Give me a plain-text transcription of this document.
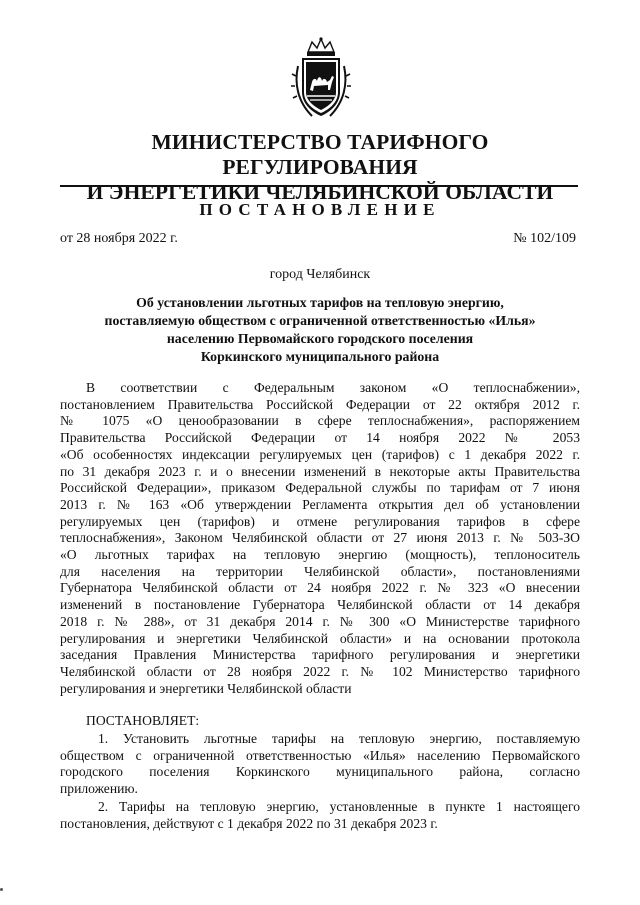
МИНИСТЕРСТВО ТАРИФНОГО РЕГУЛИРОВАНИЯ
И ЭНЕРГЕТИКИ ЧЕЛЯБИНСКОЙ ОБЛАСТИ
ПОСТАНОВЛЕНИЕ
от 28 ноября 2022 г.	№ 102/109
город Челябинск
Об установлении льготных тарифов на тепловую энергию,
поставляемую обществом с ограниченной ответственностью «Илья»
населению Первомайского городского поселения
Коркинского муниципального района
В соответствии с Федеральным законом «О теплоснабжении»,
постановлением Правительства Российской Федерации от 22 октября 2012 г.
№ 1075 «О ценообразовании в сфере теплоснабжения», распоряжением
Правительства Российской Федерации от 14 ноября 2022 № 2053
«Об особенностях индексации регулируемых цен (тарифов) с 1 декабря 2022 г.
по 31 декабря 2023 г. и о внесении изменений в некоторые акты Правительства
Российской Федерации», приказом Федеральной службы по тарифам от 7 июня
2013 г. № 163 «Об утверждении Регламента открытия дел об установлении
регулируемых цен (тарифов) и отмене регулирования тарифов в сфере
теплоснабжения», Законом Челябинской области от 27 июня 2013 г. № 503-ЗО
«О льготных тарифах на тепловую энергию (мощность), теплоноситель
для населения на территории Челябинской области», постановлениями
Губернатора Челябинской области от 24 ноября 2022 г. № 323 «О внесении
изменений в постановление Губернатора Челябинской области от 14 декабря
2018 г. № 288», от 31 декабря 2014 г. № 300 «О Министерстве тарифного
регулирования и энергетики Челябинской области» и на основании протокола
заседания Правления Министерства тарифного регулирования и энергетики
Челябинской области от 28 ноября 2022 г. № 102 Министерство тарифного
регулирования и энергетики Челябинской области
ПОСТАНОВЛЯЕТ:
1. Установить льготные тарифы на тепловую энергию, поставляемую
обществом с ограниченной ответственностью «Илья» населению Первомайского
городского поселения Коркинского муниципального района, согласно
приложению.
2. Тарифы на тепловую энергию, установленные в пункте 1 настоящего
постановления, действуют с 1 декабря 2022 по 31 декабря 2023 г.
